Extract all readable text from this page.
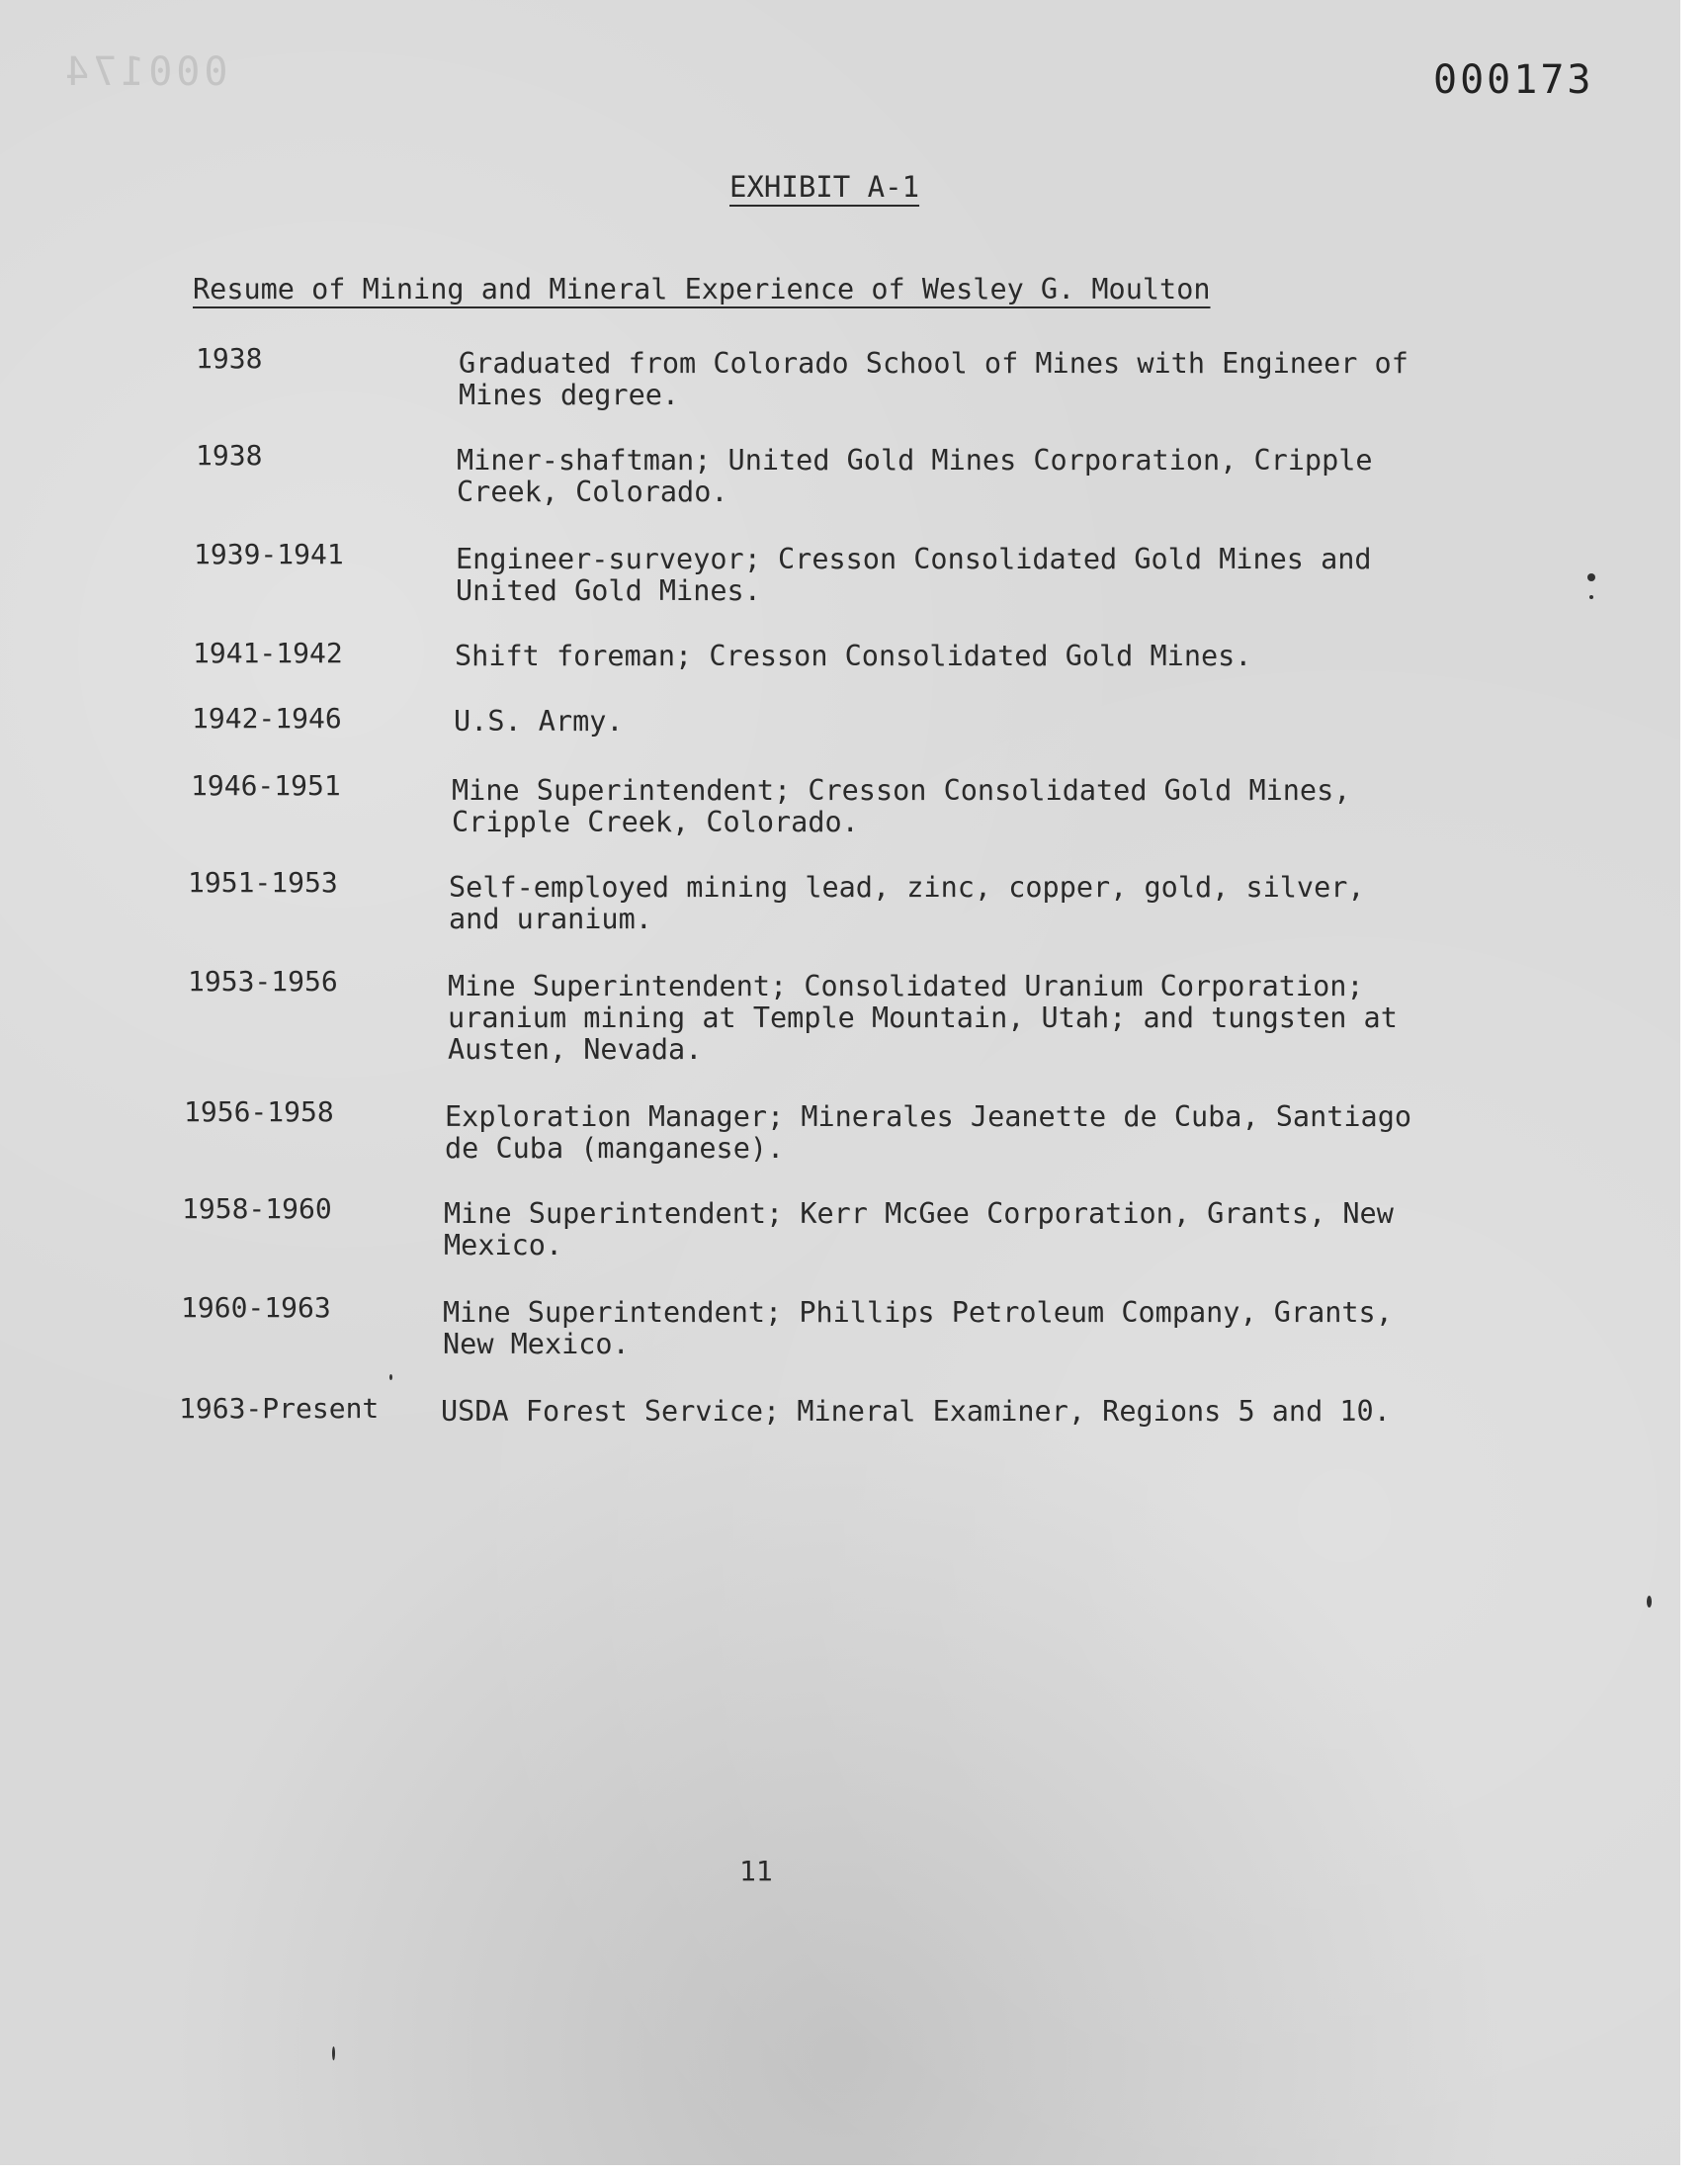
000174	000173
EXHIBIT A-1
Resume of Mining and Mineral Experience of Wesley G. Moulton
1938	Graduated from Colorado School of Mines with Engineer of Mines degree.
1938	Miner-shaftman; United Gold Mines Corporation, Cripple Creek, Colorado.
1939-1941	Engineer-surveyor; Cresson Consolidated Gold Mines and United Gold Mines.
1941-1942	Shift foreman; Cresson Consolidated Gold Mines.
1942-1946	U.S. Army.
1946-1951	Mine Superintendent; Cresson Consolidated Gold Mines, Cripple Creek, Colorado.
1951-1953	Self-employed mining lead, zinc, copper, gold, silver, and uranium.
1953-1956	Mine Superintendent; Consolidated Uranium Corporation; uranium mining at Temple Mountain, Utah; and tungsten at Austen, Nevada.
1956-1958	Exploration Manager; Minerales Jeanette de Cuba, Santiago de Cuba (manganese).
1958-1960	Mine Superintendent; Kerr McGee Corporation, Grants, New Mexico.
1960-1963	Mine Superintendent; Phillips Petroleum Company, Grants, New Mexico.
1963-Present USDA Forest Service; Mineral Examiner, Regions 5 and 10.
11
